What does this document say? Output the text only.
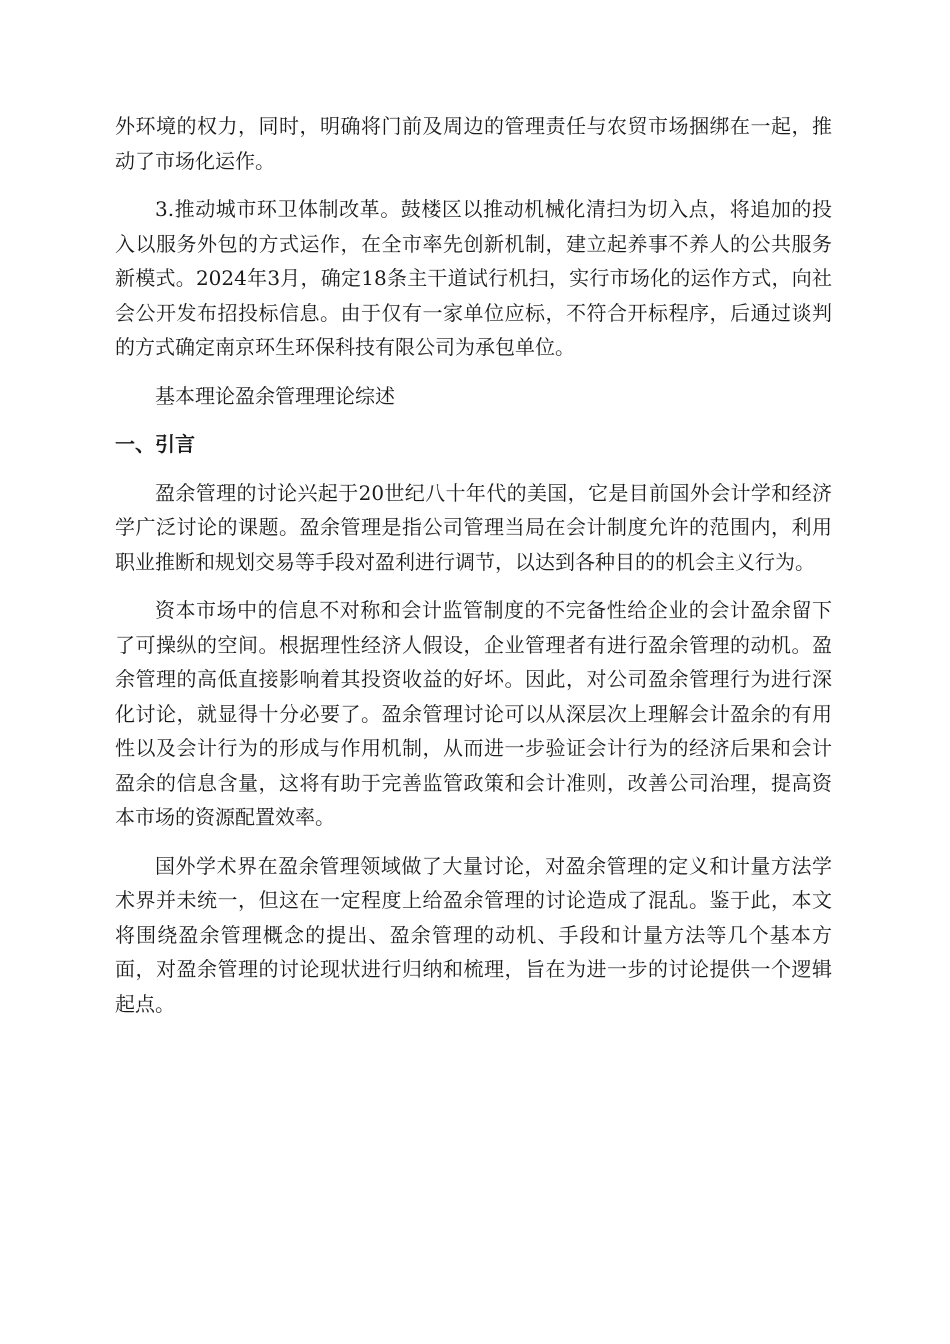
外环境的权力，同时，明确将门前及周边的管理责任与农贸市场捆绑在一起，推动了市场化运作。

3.推动城市环卫体制改革。鼓楼区以推动机械化清扫为切入点，将追加的投入以服务外包的方式运作，在全市率先创新机制，建立起养事不养人的公共服务新模式。2024年3月，确定18条主干道试行机扫，实行市场化的运作方式，向社会公开发布招投标信息。由于仅有一家单位应标，不符合开标程序，后通过谈判的方式确定南京环生环保科技有限公司为承包单位。

基本理论盈余管理理论综述

一、引言

盈余管理的讨论兴起于20世纪八十年代的美国，它是目前国外会计学和经济学广泛讨论的课题。盈余管理是指公司管理当局在会计制度允许的范围内，利用职业推断和规划交易等手段对盈利进行调节，以达到各种目的的机会主义行为。

资本市场中的信息不对称和会计监管制度的不完备性给企业的会计盈余留下了可操纵的空间。根据理性经济人假设，企业管理者有进行盈余管理的动机。盈余管理的高低直接影响着其投资收益的好坏。因此，对公司盈余管理行为进行深化讨论，就显得十分必要了。盈余管理讨论可以从深层次上理解会计盈余的有用性以及会计行为的形成与作用机制，从而进一步验证会计行为的经济后果和会计盈余的信息含量，这将有助于完善监管政策和会计准则，改善公司治理，提高资本市场的资源配置效率。

国外学术界在盈余管理领域做了大量讨论，对盈余管理的定义和计量方法学术界并未统一，但这在一定程度上给盈余管理的讨论造成了混乱。鉴于此，本文将围绕盈余管理概念的提出、盈余管理的动机、手段和计量方法等几个基本方面，对盈余管理的讨论现状进行归纳和梳理，旨在为进一步的讨论提供一个逻辑起点。
